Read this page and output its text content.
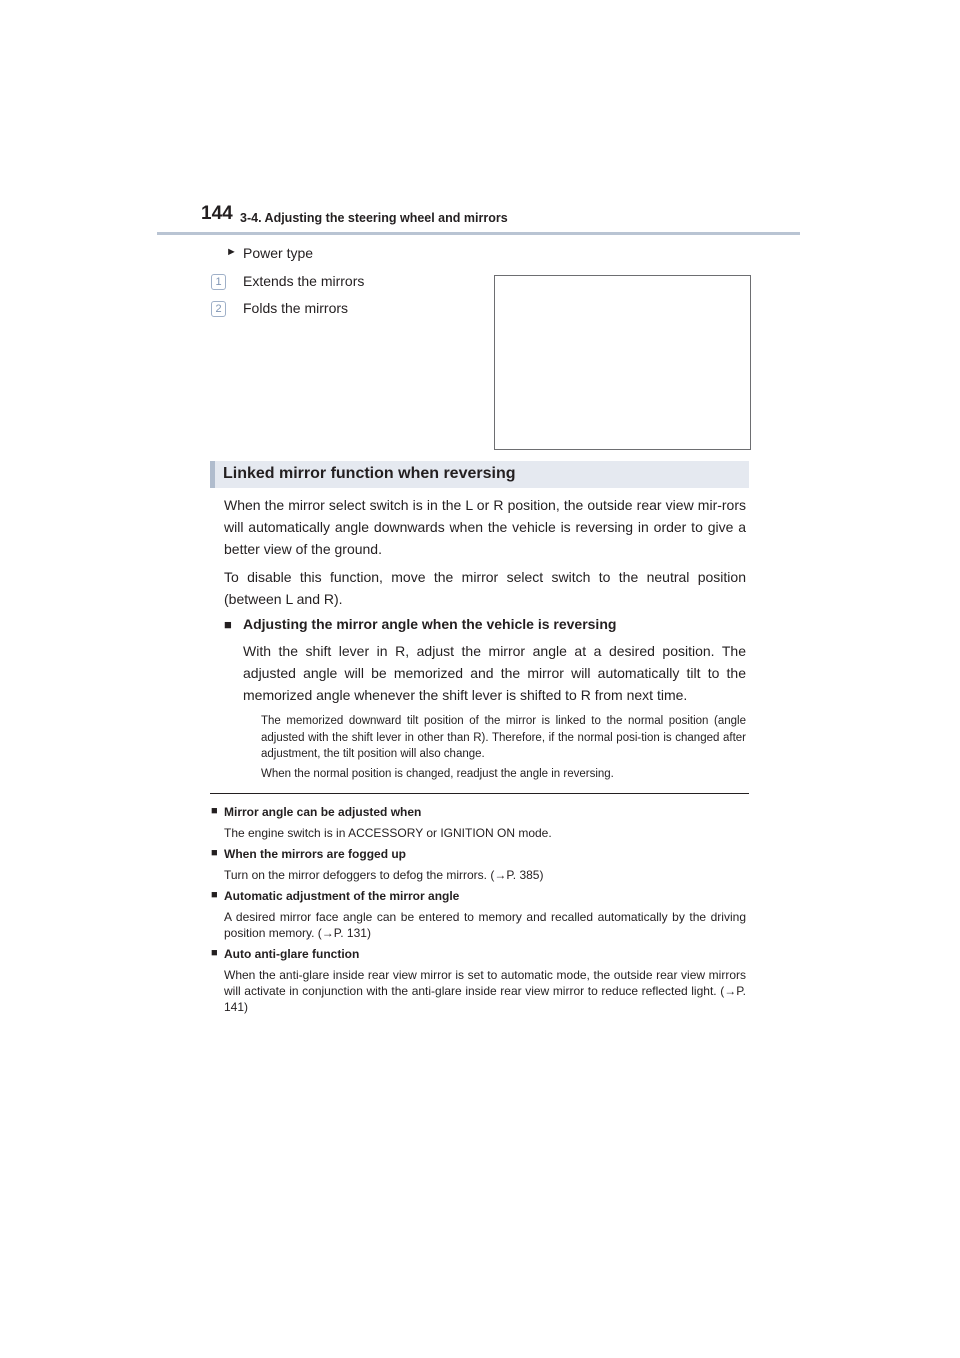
144 3-4. Adjusting the steering wheel and mirrors
► Power type
1	Extends the mirrors
2	Folds the mirrors
Linked mirror function when reversing
When the mirror select switch is in the L or R position, the outside rear view mir-rors will automatically angle downwards when the vehicle is reversing in order to give a better view of the ground.
To disable this function, move the mirror select switch to the neutral position (between L and R).
■ Adjusting the mirror angle when the vehicle is reversing
With the shift lever in R, adjust the mirror angle at a desired position. The adjusted angle will be memorized and the mirror will automatically tilt to the memorized angle whenever the shift lever is shifted to R from next time.
The memorized downward tilt position of the mirror is linked to the normal position (angle adjusted with the shift lever in other than R). Therefore, if the normal posi-tion is changed after adjustment, the tilt position will also change.
When the normal position is changed, readjust the angle in reversing.
■ Mirror angle can be adjusted when
The engine switch is in ACCESSORY or IGNITION ON mode.
■ When the mirrors are fogged up
Turn on the mirror defoggers to defog the mirrors. (→P. 385)
■ Automatic adjustment of the mirror angle
A desired mirror face angle can be entered to memory and recalled automatically by the driving position memory. (→P. 131)
■ Auto anti-glare function
When the anti-glare inside rear view mirror is set to automatic mode, the outside rear view mirrors will activate in conjunction with the anti-glare inside rear view mirror to reduce reflected light. (→P. 141)
